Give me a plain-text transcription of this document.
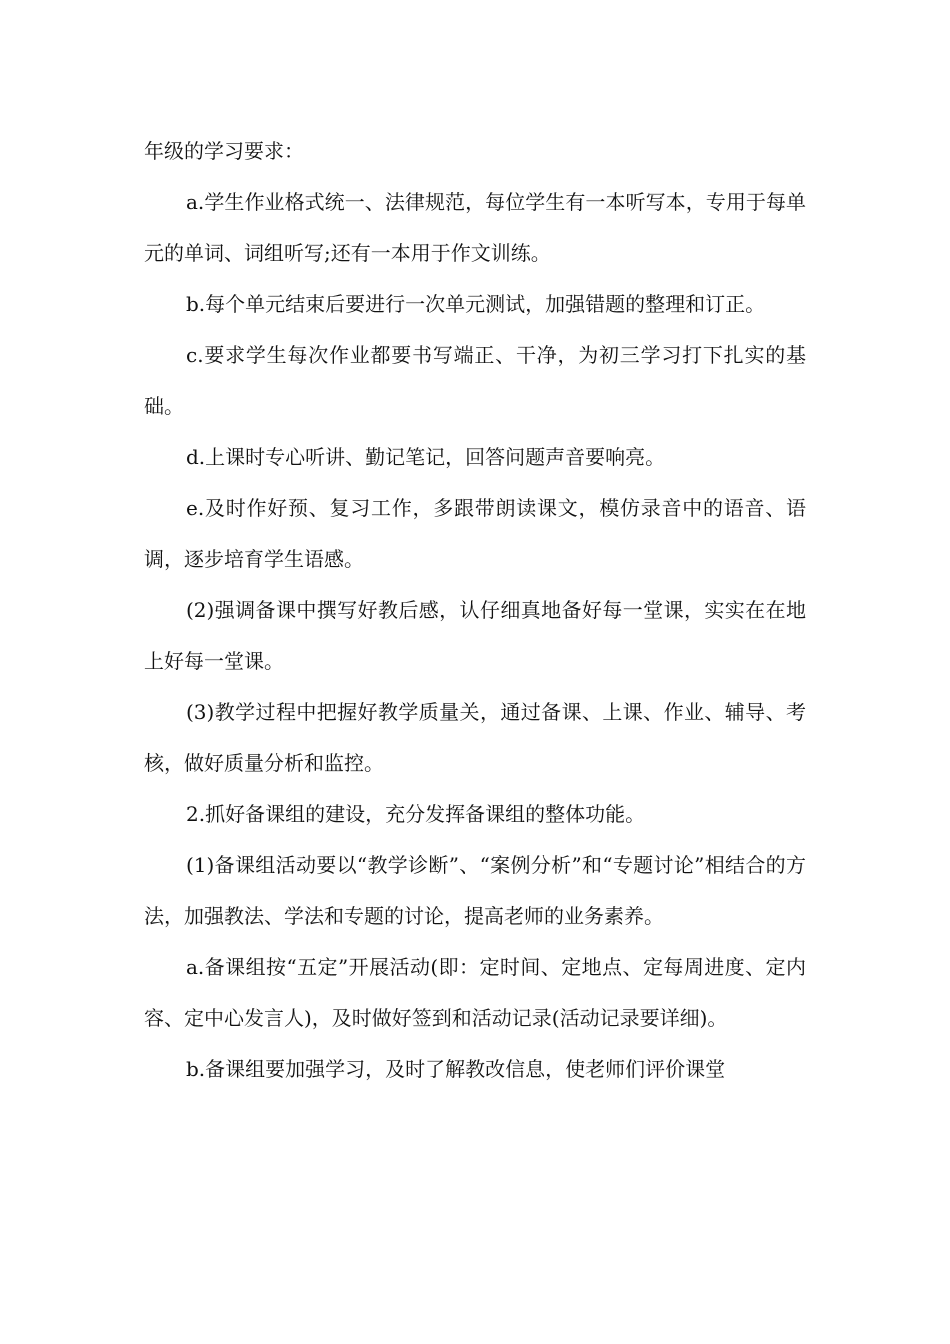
年级的学习要求：

a.学生作业格式统一、法律规范，每位学生有一本听写本，专用于每单元的单词、词组听写;还有一本用于作文训练。

b.每个单元结束后要进行一次单元测试，加强错题的整理和订正。

c.要求学生每次作业都要书写端正、干净，为初三学习打下扎实的基础。

d.上课时专心听讲、勤记笔记，回答问题声音要响亮。

e.及时作好预、复习工作，多跟带朗读课文，模仿录音中的语音、语调，逐步培育学生语感。

(2)强调备课中撰写好教后感，认仔细真地备好每一堂课，实实在在地上好每一堂课。

(3)教学过程中把握好教学质量关，通过备课、上课、作业、辅导、考核，做好质量分析和监控。

2.抓好备课组的建设，充分发挥备课组的整体功能。

(1)备课组活动要以“教学诊断”、“案例分析”和“专题讨论”相结合的方法，加强教法、学法和专题的讨论，提高老师的业务素养。

a.备课组按“五定”开展活动(即：定时间、定地点、定每周进度、定内容、定中心发言人)，及时做好签到和活动记录(活动记录要详细)。

b.备课组要加强学习，及时了解教改信息，使老师们评价课堂
